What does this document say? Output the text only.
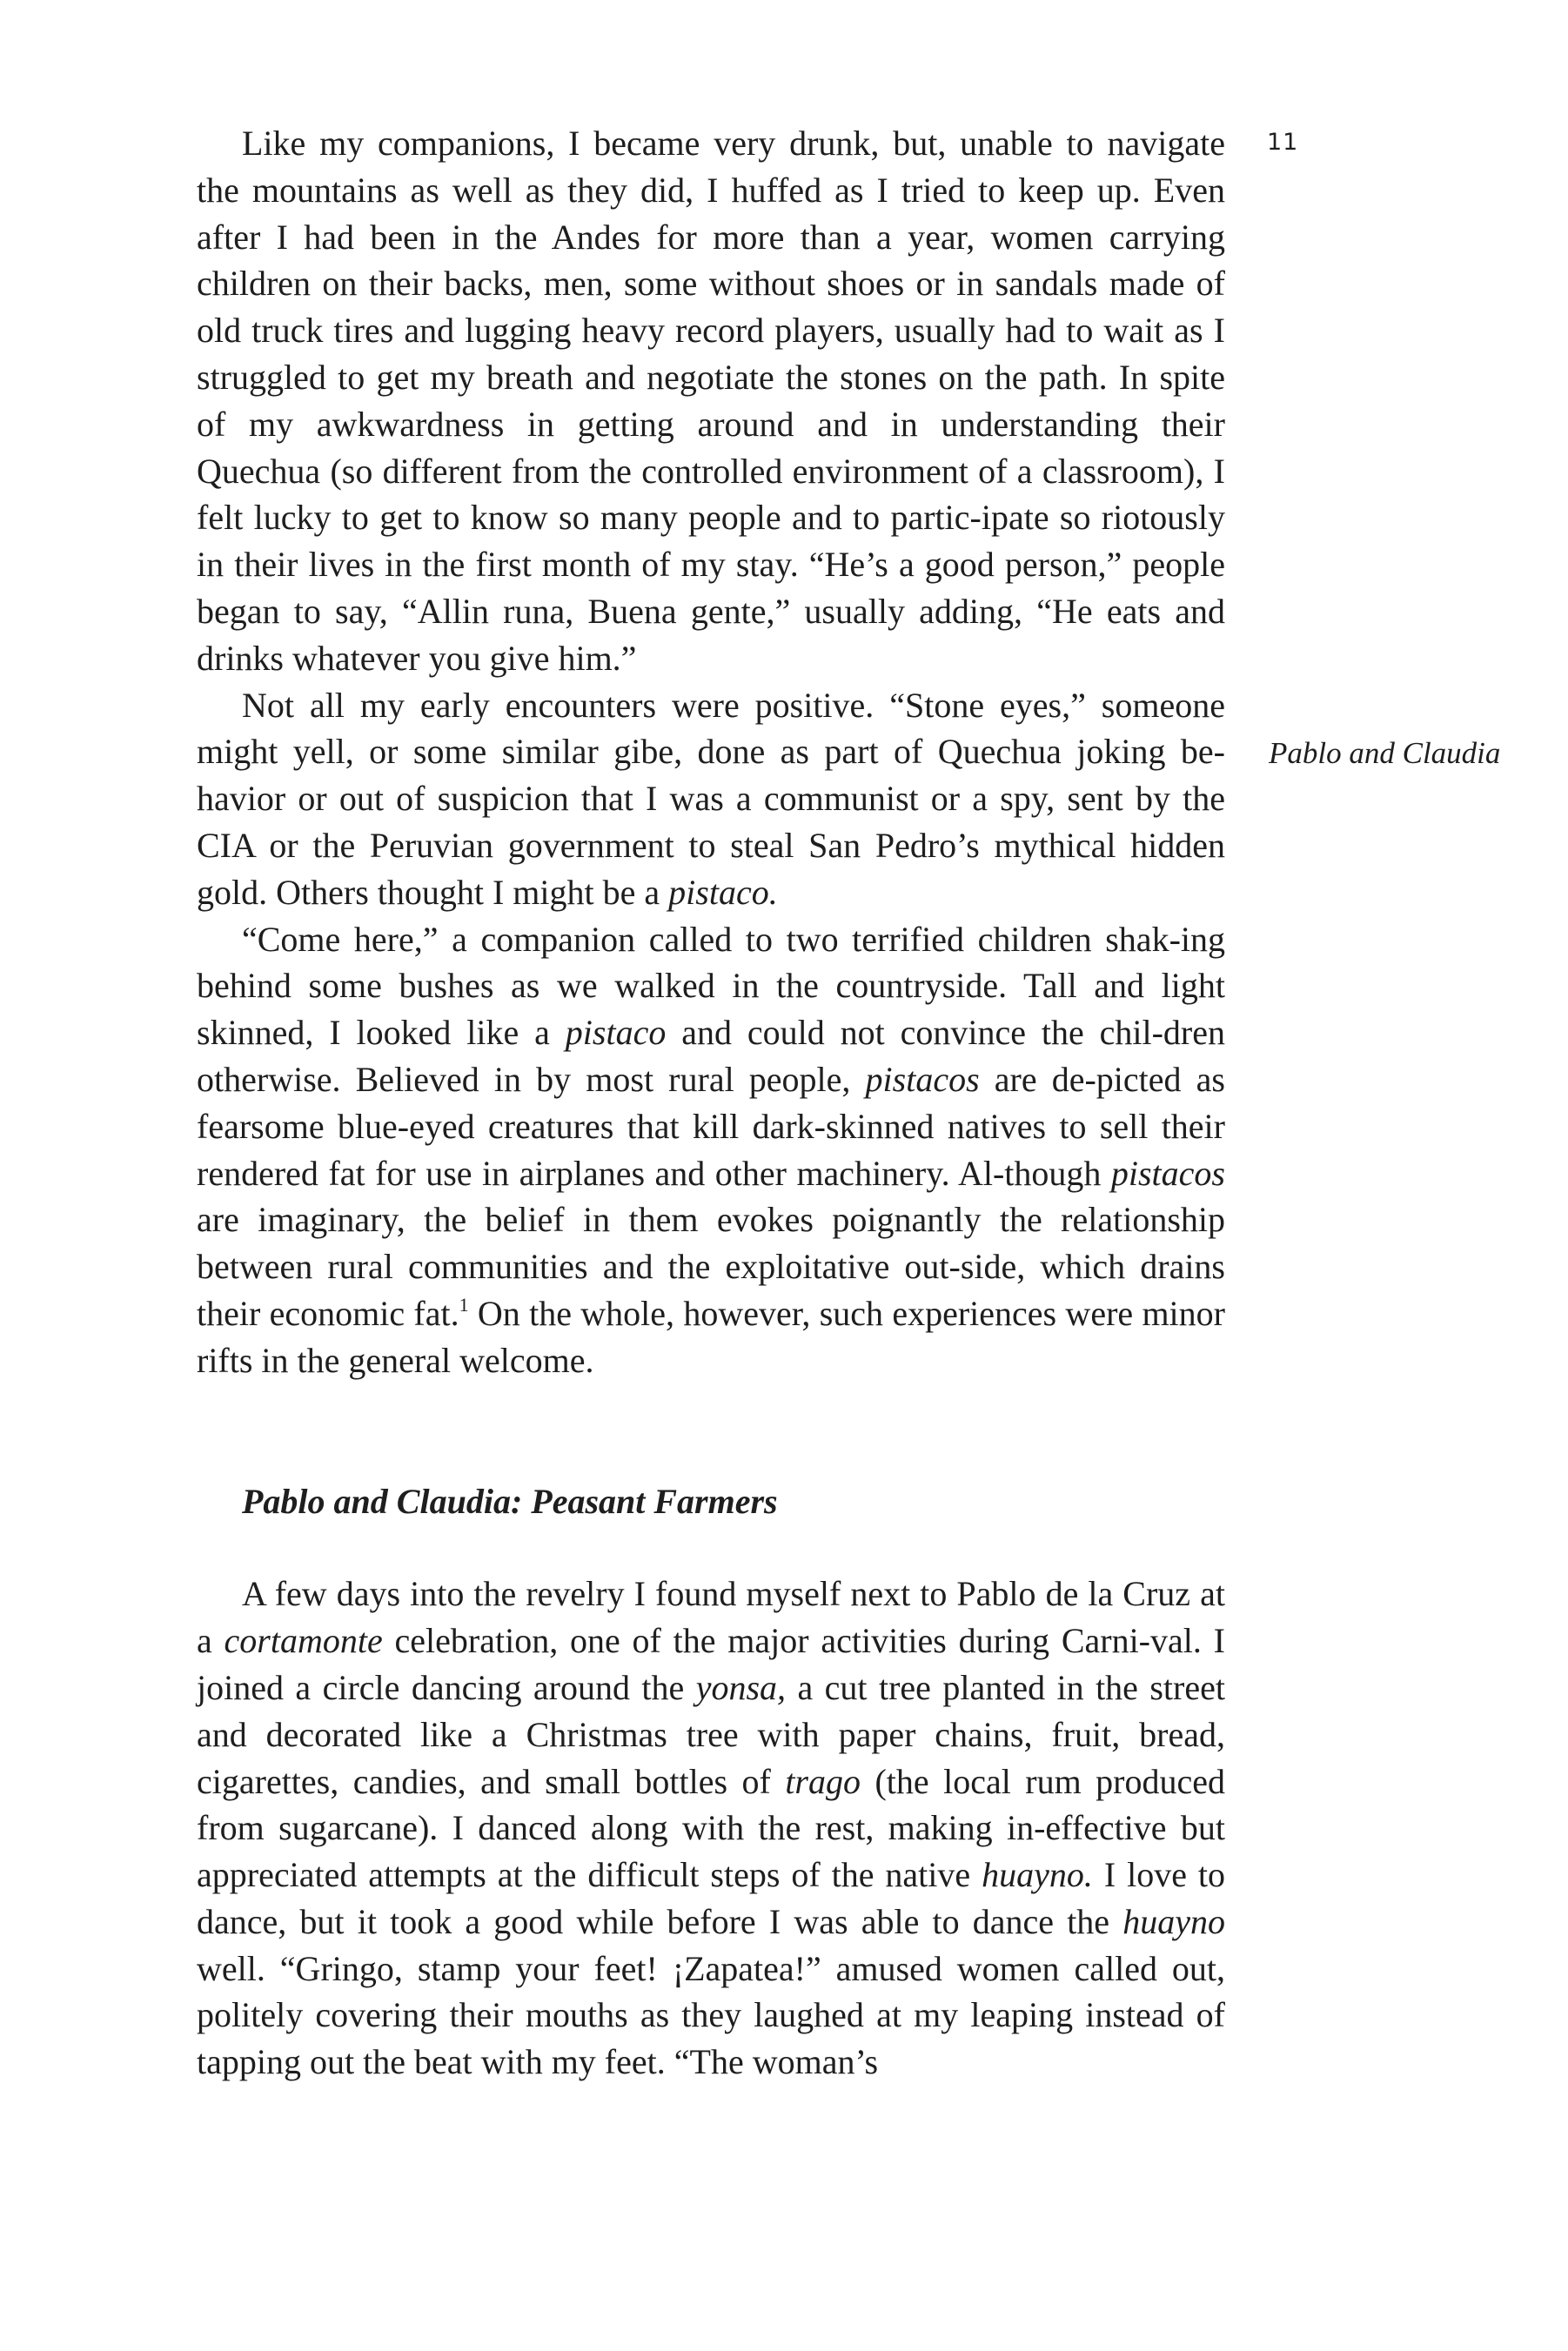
11
Pablo and Claudia

Like my companions, I became very drunk, but, unable to navigate the mountains as well as they did, I huffed as I tried to keep up. Even after I had been in the Andes for more than a year, women carrying children on their backs, men, some without shoes or in sandals made of old truck tires and lugging heavy record players, usually had to wait as I struggled to get my breath and negotiate the stones on the path. In spite of my awkwardness in getting around and in understanding their Quechua (so different from the controlled environment of a classroom), I felt lucky to get to know so many people and to partic-ipate so riotously in their lives in the first month of my stay. “He’s a good person,” people began to say, “Allin runa, Buena gente,” usually adding, “He eats and drinks whatever you give him.”

Not all my early encounters were positive. “Stone eyes,” someone might yell, or some similar gibe, done as part of Quechua joking be-havior or out of suspicion that I was a communist or a spy, sent by the CIA or the Peruvian government to steal San Pedro’s mythical hidden gold. Others thought I might be a pistaco.

“Come here,” a companion called to two terrified children shak-ing behind some bushes as we walked in the countryside. Tall and light skinned, I looked like a pistaco and could not convince the chil-dren otherwise. Believed in by most rural people, pistacos are de-picted as fearsome blue-eyed creatures that kill dark-skinned natives to sell their rendered fat for use in airplanes and other machinery. Al-though pistacos are imaginary, the belief in them evokes poignantly the relationship between rural communities and the exploitative out-side, which drains their economic fat.$^1$ On the whole, however, such experiences were minor rifts in the general welcome.

Pablo and Claudia: Peasant Farmers

A few days into the revelry I found myself next to Pablo de la Cruz at a cortamonte celebration, one of the major activities during Carni-val. I joined a circle dancing around the yonsa, a cut tree planted in the street and decorated like a Christmas tree with paper chains, fruit, bread, cigarettes, candies, and small bottles of trago (the local rum produced from sugarcane). I danced along with the rest, making in-effective but appreciated attempts at the difficult steps of the native huayno. I love to dance, but it took a good while before I was able to dance the huayno well. “Gringo, stamp your feet! ¡Zapatea!” amused women called out, politely covering their mouths as they laughed at my leaping instead of tapping out the beat with my feet. “The woman’s
